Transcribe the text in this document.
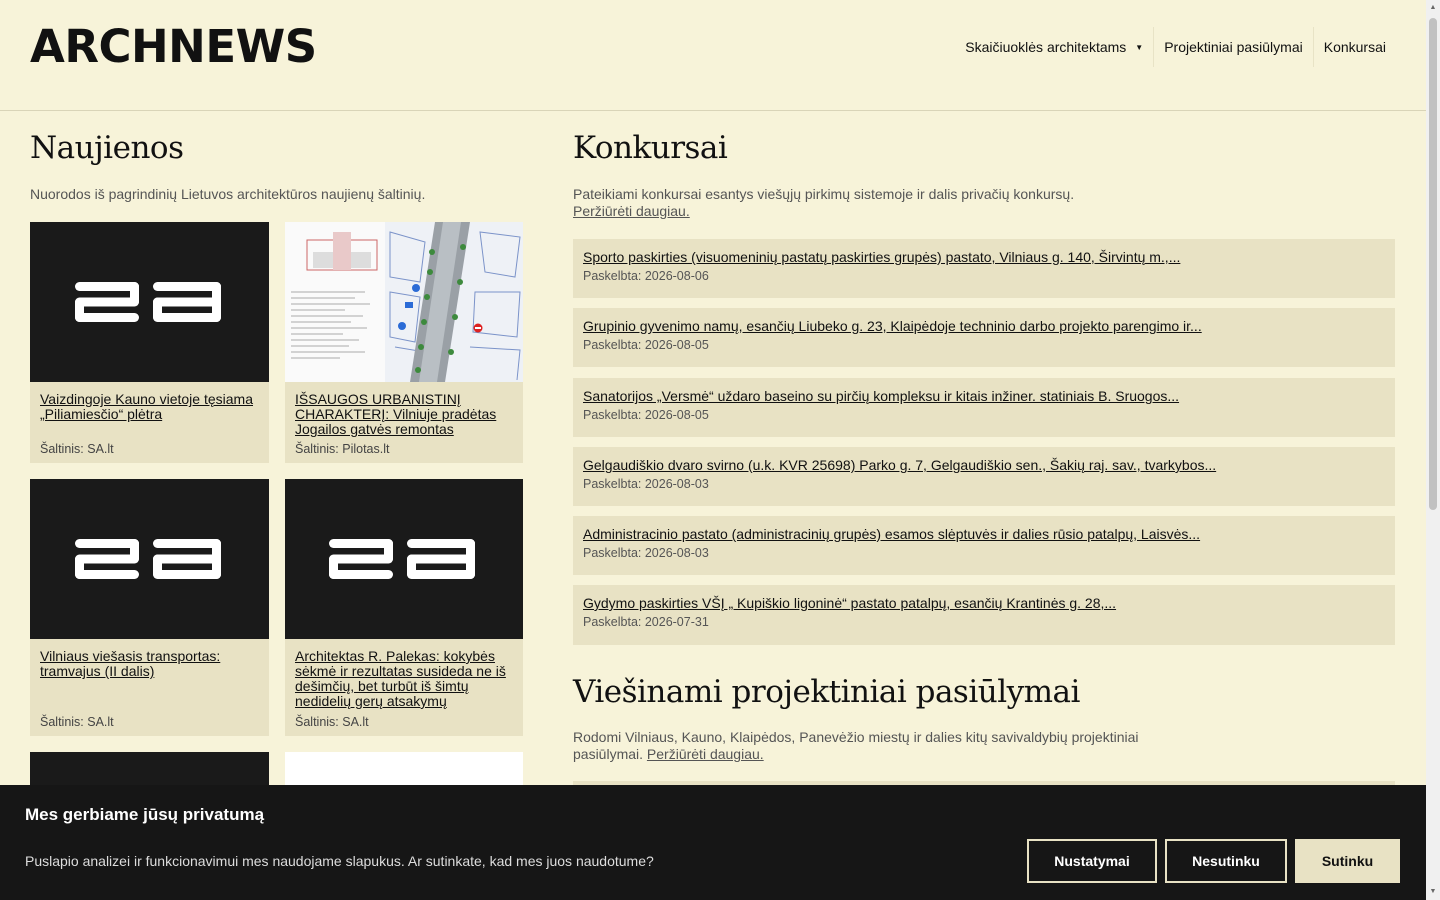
ARCHNEWS	Skaičiuoklės architektams ▼ Projektiniai pasiūlymai Konkursai
Naujienos
Nuorodos iš pagrindinių Lietuvos architektūros naujienų šaltinių.
Vaizdingoje Kauno vietoje tęsiama „Piliamiesčio“ plėtra
Šaltinis: SA.lt
IŠSAUGOS URBANISTINĮ CHARAKTERĮ: Vilniuje pradėtas Jogailos gatvės remontas
Šaltinis: Pilotas.lt
Vilniaus viešasis transportas: tramvajus (II dalis)
Šaltinis: SA.lt
Architektas R. Palekas: kokybės sėkmė ir rezultatas susideda ne iš dešimčių, bet turbūt iš šimtų nedidelių gerų atsakymų
Šaltinis: SA.lt
Konkursai
Pateikiami konkursai esantys viešųjų pirkimų sistemoje ir dalis privačių konkursų.
Peržiūrėti daugiau.
Sporto paskirties (visuomeninių pastatų paskirties grupės) pastato, Vilniaus g. 140, Širvintų m.,...
Paskelbta: 2026-08-06
Grupinio gyvenimo namų, esančių Liubeko g. 23, Klaipėdoje techninio darbo projekto parengimo ir...
Paskelbta: 2026-08-05
Sanatorijos „Versmė“ uždaro baseino su pirčių kompleksu ir kitais inžiner. statiniais B. Sruogos...
Paskelbta: 2026-08-05
Gelgaudiškio dvaro svirno (u.k. KVR 25698) Parko g. 7, Gelgaudiškio sen., Šakių raj. sav., tvarkybos...
Paskelbta: 2026-08-03
Administracinio pastato (administracinių grupės) esamos slėptuvės ir dalies rūsio patalpų, Laisvės...
Paskelbta: 2026-08-03
Gydymo paskirties VŠĮ „ Kupiškio ligoninė“ pastato patalpų, esančių Krantinės g. 28,...
Paskelbta: 2026-07-31
Viešinami projektiniai pasiūlymai
Rodomi Vilniaus, Kauno, Klaipėdos, Panevėžio miestų ir dalies kitų savivaldybių projektiniai
pasiūlymai. Peržiūrėti daugiau.
▲
▼
Mes gerbiame jūsų privatumą
Puslapio analizei ir funkcionavimui mes naudojame slapukus. Ar sutinkate, kad mes juos naudotume?	Nustatymai	Nesutinku	Sutinku
